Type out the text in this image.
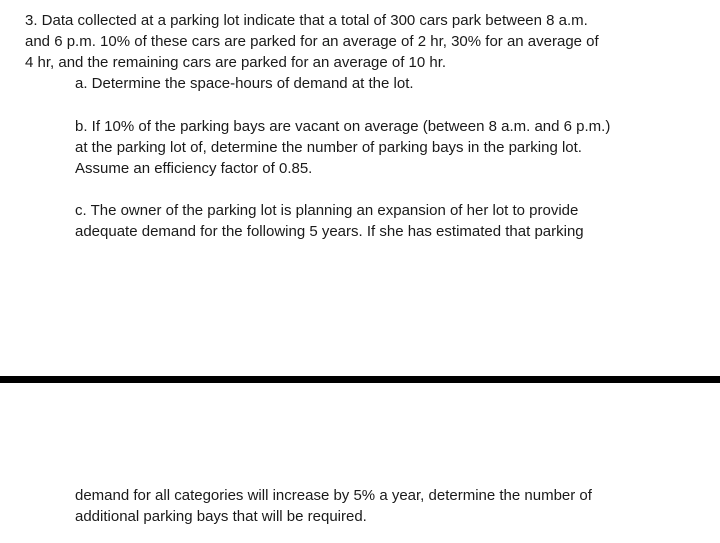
3. Data collected at a parking lot indicate that a total of 300 cars park between 8 a.m.
and 6 p.m. 10% of these cars are parked for an average of 2 hr, 30% for an average of
4 hr, and the remaining cars are parked for an average of 10 hr.
a. Determine the space-hours of demand at the lot.
b. If 10% of the parking bays are vacant on average (between 8 a.m. and 6 p.m.)
at the parking lot of, determine the number of parking bays in the parking lot.
Assume an efficiency factor of 0.85.
c. The owner of the parking lot is planning an expansion of her lot to provide
adequate demand for the following 5 years. If she has estimated that parking
demand for all categories will increase by 5% a year, determine the number of
additional parking bays that will be required.
